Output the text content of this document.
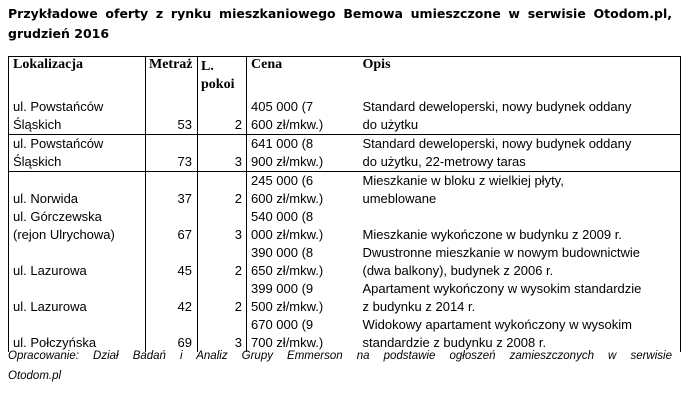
Przykładowe oferty z rynku mieszkaniowego Bemowa umieszczone w serwisie Otodom.pl,
grudzień 2016
Lokalizacja	Metraż	L.
pokoi	Cena	Opis

ul. Powstańców
Śląskich	53	2	405 000 (7
600 zł/mkw.)	Standard deweloperski, nowy budynek oddany
do użytku

ul. Powstańców
Śląskich	73	3	641 000 (8
900 zł/mkw.)	Standard deweloperski, nowy budynek oddany
do użytku, 22-metrowy taras

ul. Norwida	37	2	245 000 (6
600 zł/mkw.)	Mieszkanie w bloku z wielkiej płyty,
umeblowane

ul. Górczewska
(rejon Ulrychowa)	67	3	540 000 (8
000 zł/mkw.)	Mieszkanie wykończone w budynku z 2009 r.

ul. Lazurowa	45	2	390 000 (8
650 zł/mkw.)	Dwustronne mieszkanie w nowym budownictwie
(dwa balkony), budynek z 2006 r.

ul. Lazurowa	42	2	399 000 (9
500 zł/mkw.)	Apartament wykończony w wysokim standardzie
z budynku z 2014 r.

ul. Połczyńska	69	3	670 000 (9
700 zł/mkw.)	Widokowy apartament wykończony w wysokim
standardzie z budynku z 2008 r.
Opracowanie: Dział Badań i Analiz Grupy Emmerson na podstawie ogłoszeń zamieszczonych w serwisie
Otodom.pl
